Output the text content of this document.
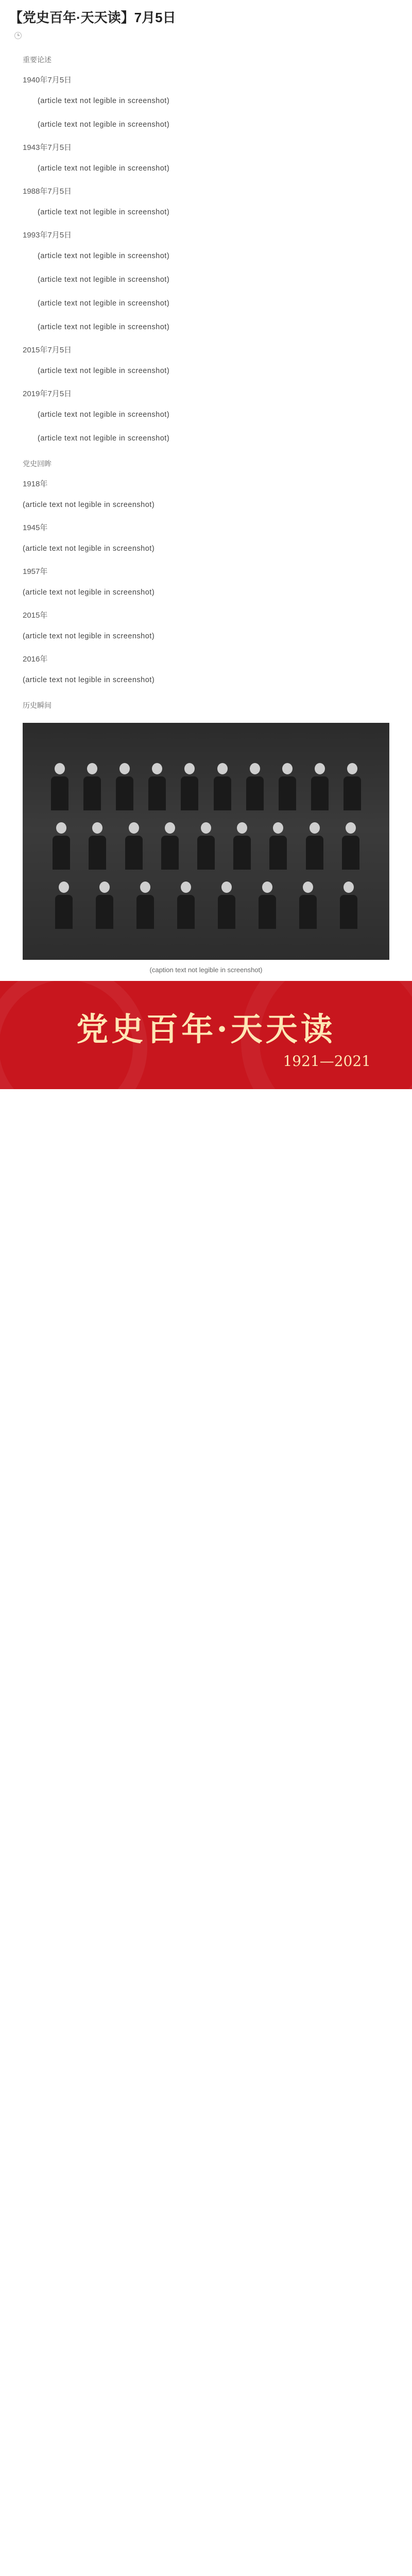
【党史百年·天天读】7月5日
重要论述
1940年7月5日

(article text not legible in screenshot)

(article text not legible in screenshot)

1943年7月5日

(article text not legible in screenshot)

1988年7月5日

(article text not legible in screenshot)

1993年7月5日

(article text not legible in screenshot)

(article text not legible in screenshot)

(article text not legible in screenshot)

(article text not legible in screenshot)

2015年7月5日

(article text not legible in screenshot)

2019年7月5日

(article text not legible in screenshot)

(article text not legible in screenshot)

党史回眸
1918年

(article text not legible in screenshot)

1945年

(article text not legible in screenshot)

1957年

(article text not legible in screenshot)

2015年

(article text not legible in screenshot)

2016年

(article text not legible in screenshot)

历史瞬间
(caption text not legible in screenshot)
党史百年·天天读
1921—2021
